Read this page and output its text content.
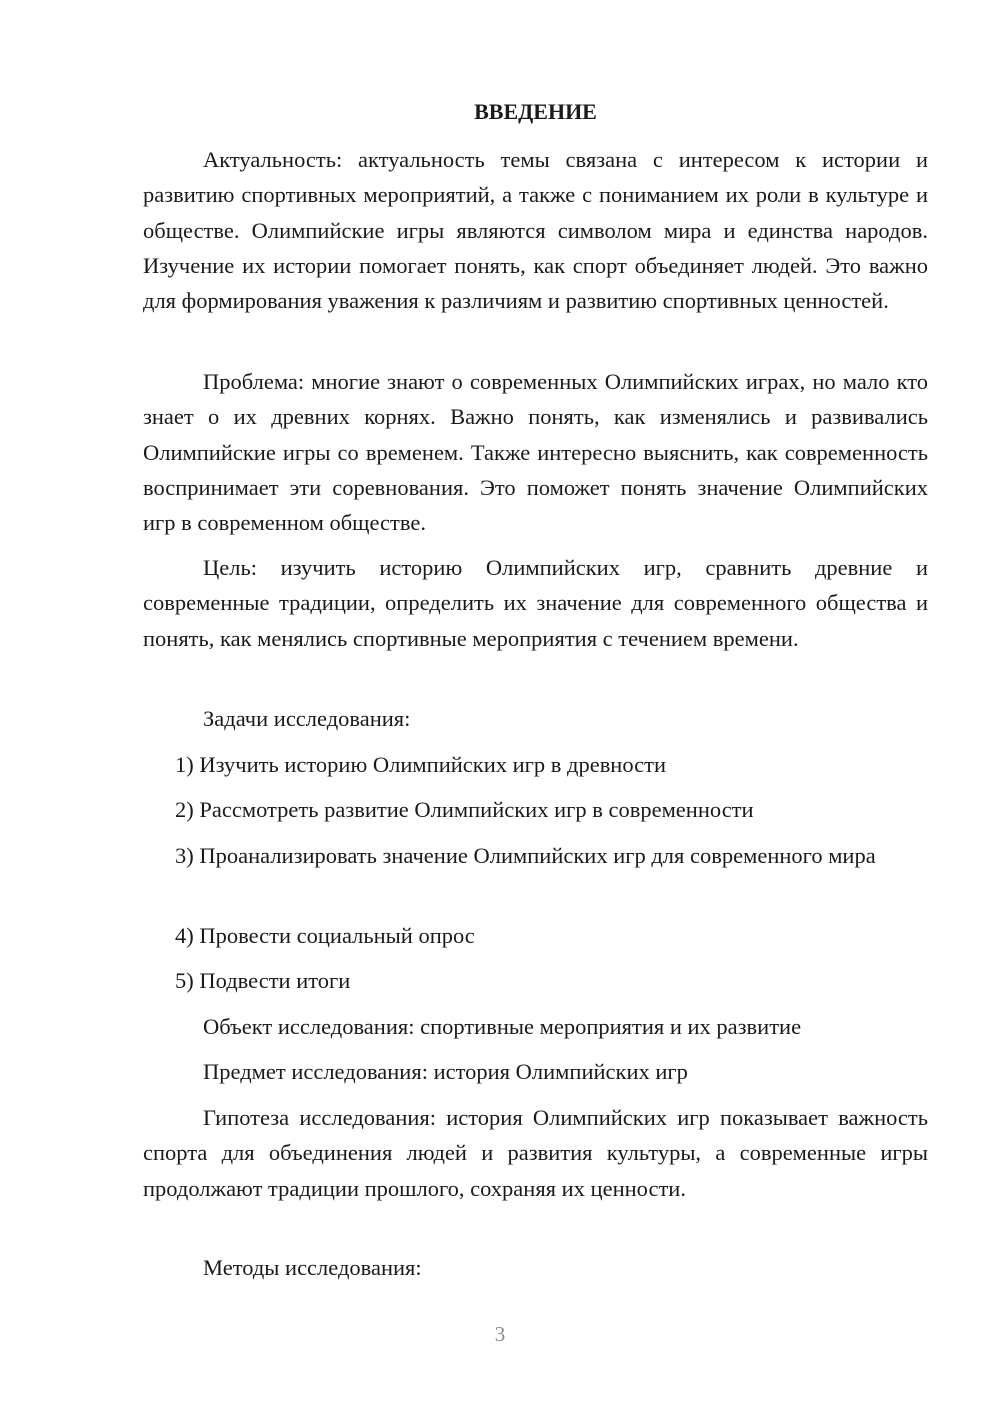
ВВЕДЕНИЕ

Актуальность: актуальность темы связана с интересом к истории и развитию спортивных мероприятий, а также с пониманием их роли в культуре и обществе. Олимпийские игры являются символом мира и единства народов. Изучение их истории помогает понять, как спорт объединяет людей. Это важно для формирования уважения к различиям и развитию спортивных ценностей.

Проблема: многие знают о современных Олимпийских играх, но мало кто знает о их древних корнях. Важно понять, как изменялись и развивались Олимпийские игры со временем. Также интересно выяснить, как современность воспринимает эти соревнования. Это поможет понять значение Олимпийских игр в современном обществе.

Цель: изучить историю Олимпийских игр, сравнить древние и современные традиции, определить их значение для современного общества и понять, как менялись спортивные мероприятия с течением времени.

Задачи исследования:

1) Изучить историю Олимпийских игр в древности

2) Рассмотреть развитие Олимпийских игр в современности

3) Проанализировать значение Олимпийских игр для современного мира

4) Провести социальный опрос

5) Подвести итоги

Объект исследования: спортивные мероприятия и их развитие

Предмет исследования: история Олимпийских игр

Гипотеза исследования: история Олимпийских игр показывает важность спорта для объединения людей и развития культуры, а современные игры продолжают традиции прошлого, сохраняя их ценности.

Методы исследования:

3
